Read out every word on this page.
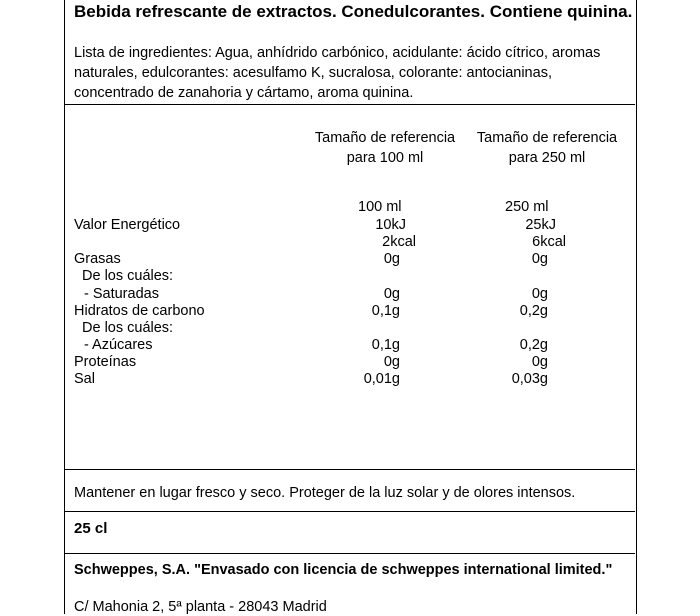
Bebida refrescante de extractos. Conedulcorantes. Contiene quinina.
Lista de ingredientes: Agua, anhídrido carbónico, acidulante: ácido cítrico, aromas naturales, edulcorantes: acesulfamo K, sucralosa, colorante: antocianinas, concentrado de zanahoria y cártamo, aroma quinina.
Tamaño de referencia
para 100 ml
Tamaño de referencia
para 250 ml
100 ml	250 ml
Valor Energético	10kJ	25kJ
2kcal	6kcal
Grasas	0g	0g
De los cuáles:
- Saturadas	0g	0g
Hidratos de carbono	0,1g	0,2g
De los cuáles:
- Azúcares	0,1g	0,2g
Proteínas	0g	0g
Sal	0,01g	0,03g
Mantener en lugar fresco y seco. Proteger de la luz solar y de olores intensos.
25 cl
Schweppes, S.A. "Envasado con licencia de schweppes international limited."
C/ Mahonia 2, 5ª planta - 28043 Madrid
